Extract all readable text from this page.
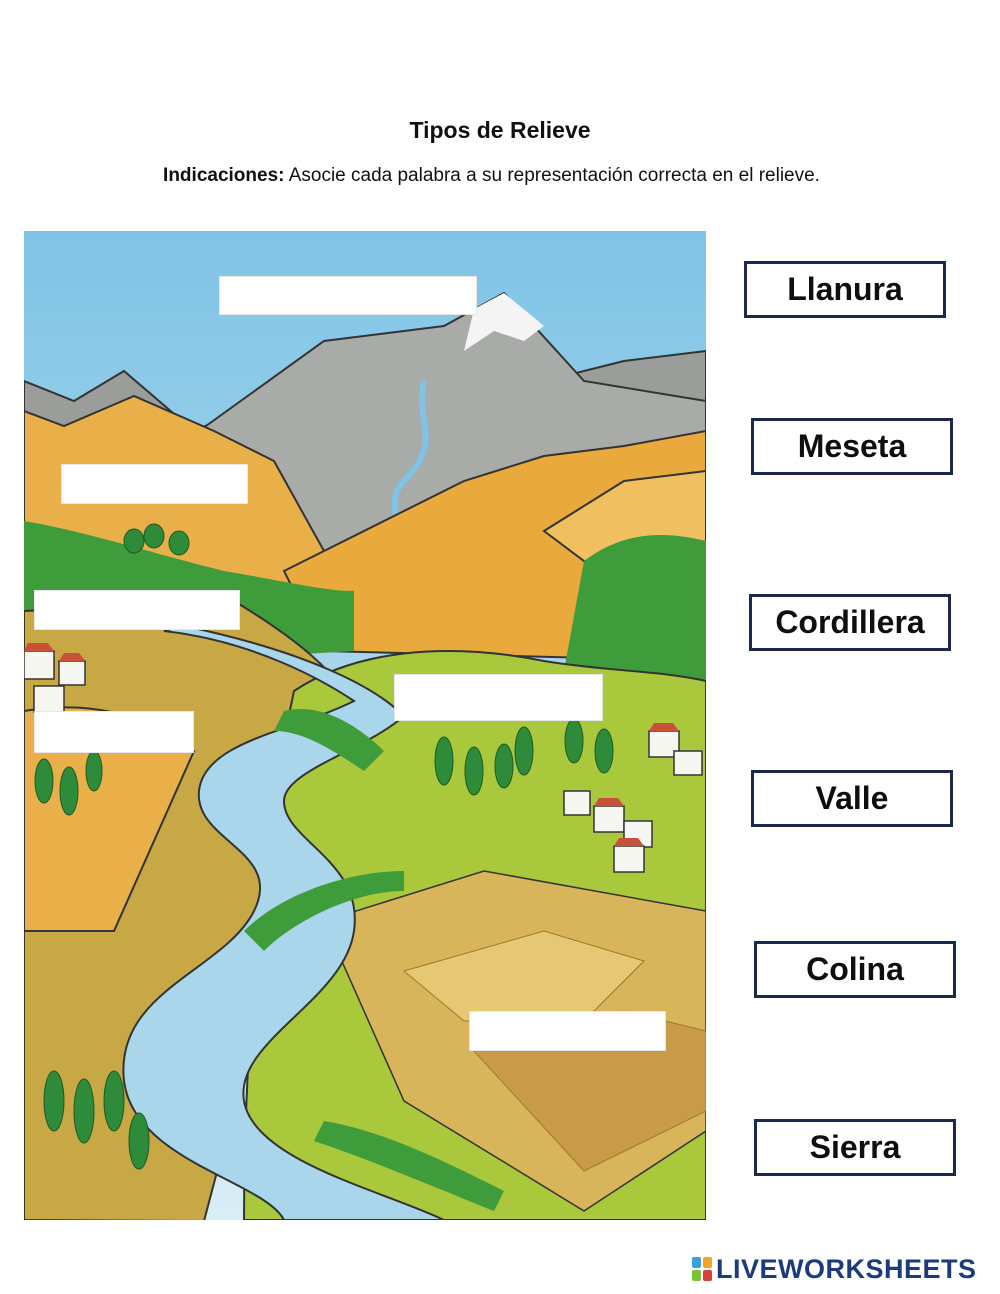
Tipos de Relieve
Indicaciones: Asocie cada palabra a su representación correcta en el relieve.
Llanura
Meseta
Cordillera
Valle
Colina
Sierra
LIVEWORKSHEETS
